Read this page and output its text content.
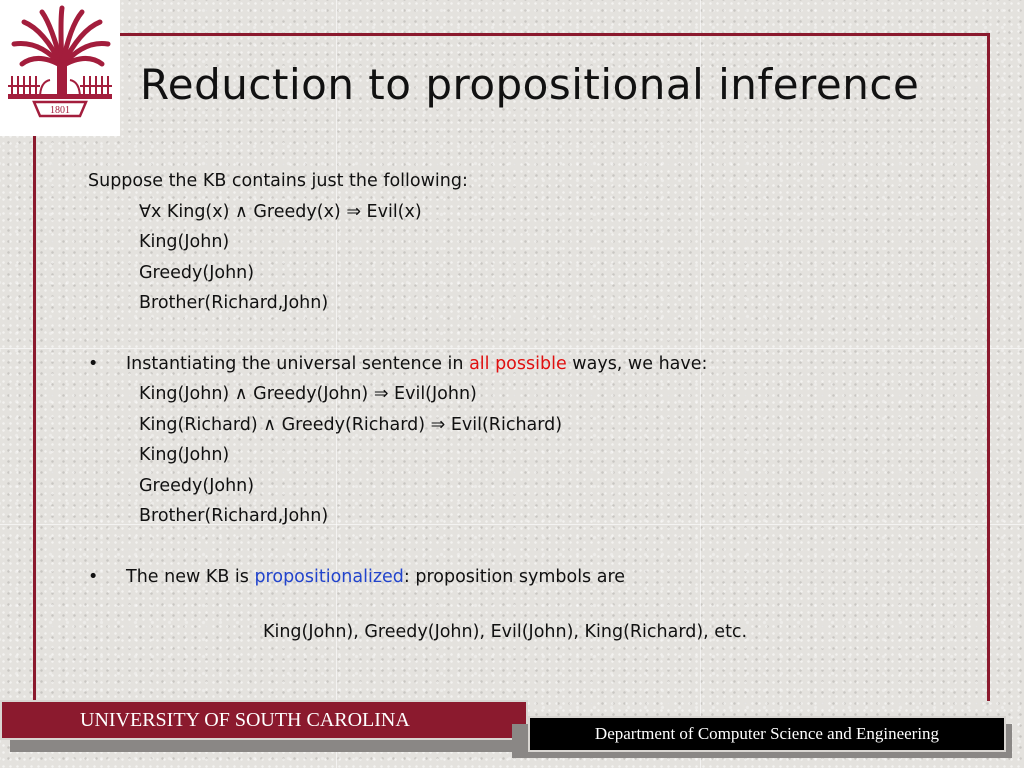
1801
Reduction to propositional inference
Suppose the KB contains just the following:
∀x King(x) ∧ Greedy(x) ⇒ Evil(x)
King(John)
Greedy(John)
Brother(Richard,John)
• Instantiating the universal sentence in all possible ways, we have:
King(John) ∧ Greedy(John) ⇒ Evil(John)
King(Richard) ∧ Greedy(Richard) ⇒ Evil(Richard)
King(John)
Greedy(John)
Brother(Richard,John)
• The new KB is propositionalized: proposition symbols are
King(John), Greedy(John), Evil(John), King(Richard), etc.
UNIVERSITY OF SOUTH CAROLINA
Department of Computer Science and Engineering
